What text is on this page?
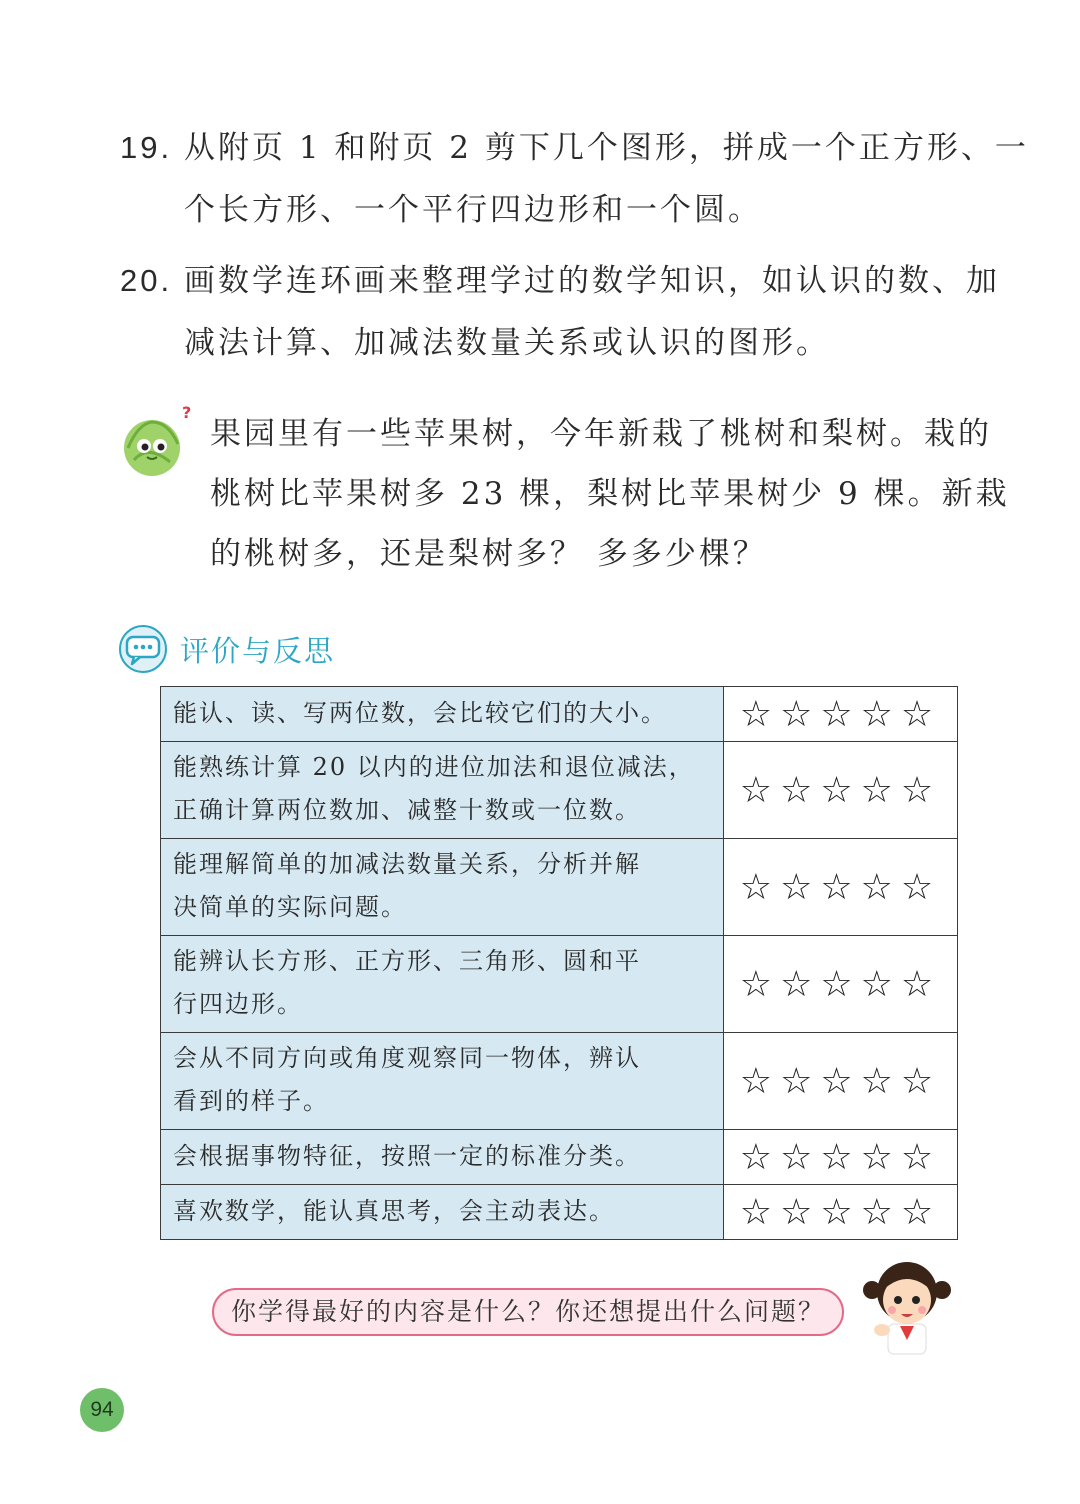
19. 从附页 1 和附页 2 剪下几个图形，拼成一个正方形、一
个长方形、一个平行四边形和一个圆。
20. 画数学连环画来整理学过的数学知识，如认识的数、加
减法计算、加减法数量关系或认识的图形。
?
果园里有一些苹果树，今年新栽了桃树和梨树。栽的
桃树比苹果树多 23 棵，梨树比苹果树少 9 棵。新栽
的桃树多，还是梨树多？ 多多少棵？
评价与反思
能认、读、写两位数，会比较它们的大小。	☆☆☆☆☆

能熟练计算 20 以内的进位加法和退位减法，
正确计算两位数加、减整十数或一位数。	☆☆☆☆☆

能理解简单的加减法数量关系，分析并解
决简单的实际问题。	☆☆☆☆☆

能辨认长方形、正方形、三角形、圆和平
行四边形。	☆☆☆☆☆

会从不同方向或角度观察同一物体，辨认
看到的样子。	☆☆☆☆☆

会根据事物特征，按照一定的标准分类。	☆☆☆☆☆

喜欢数学，能认真思考，会主动表达。	☆☆☆☆☆
你学得最好的内容是什么？你还想提出什么问题？
94
